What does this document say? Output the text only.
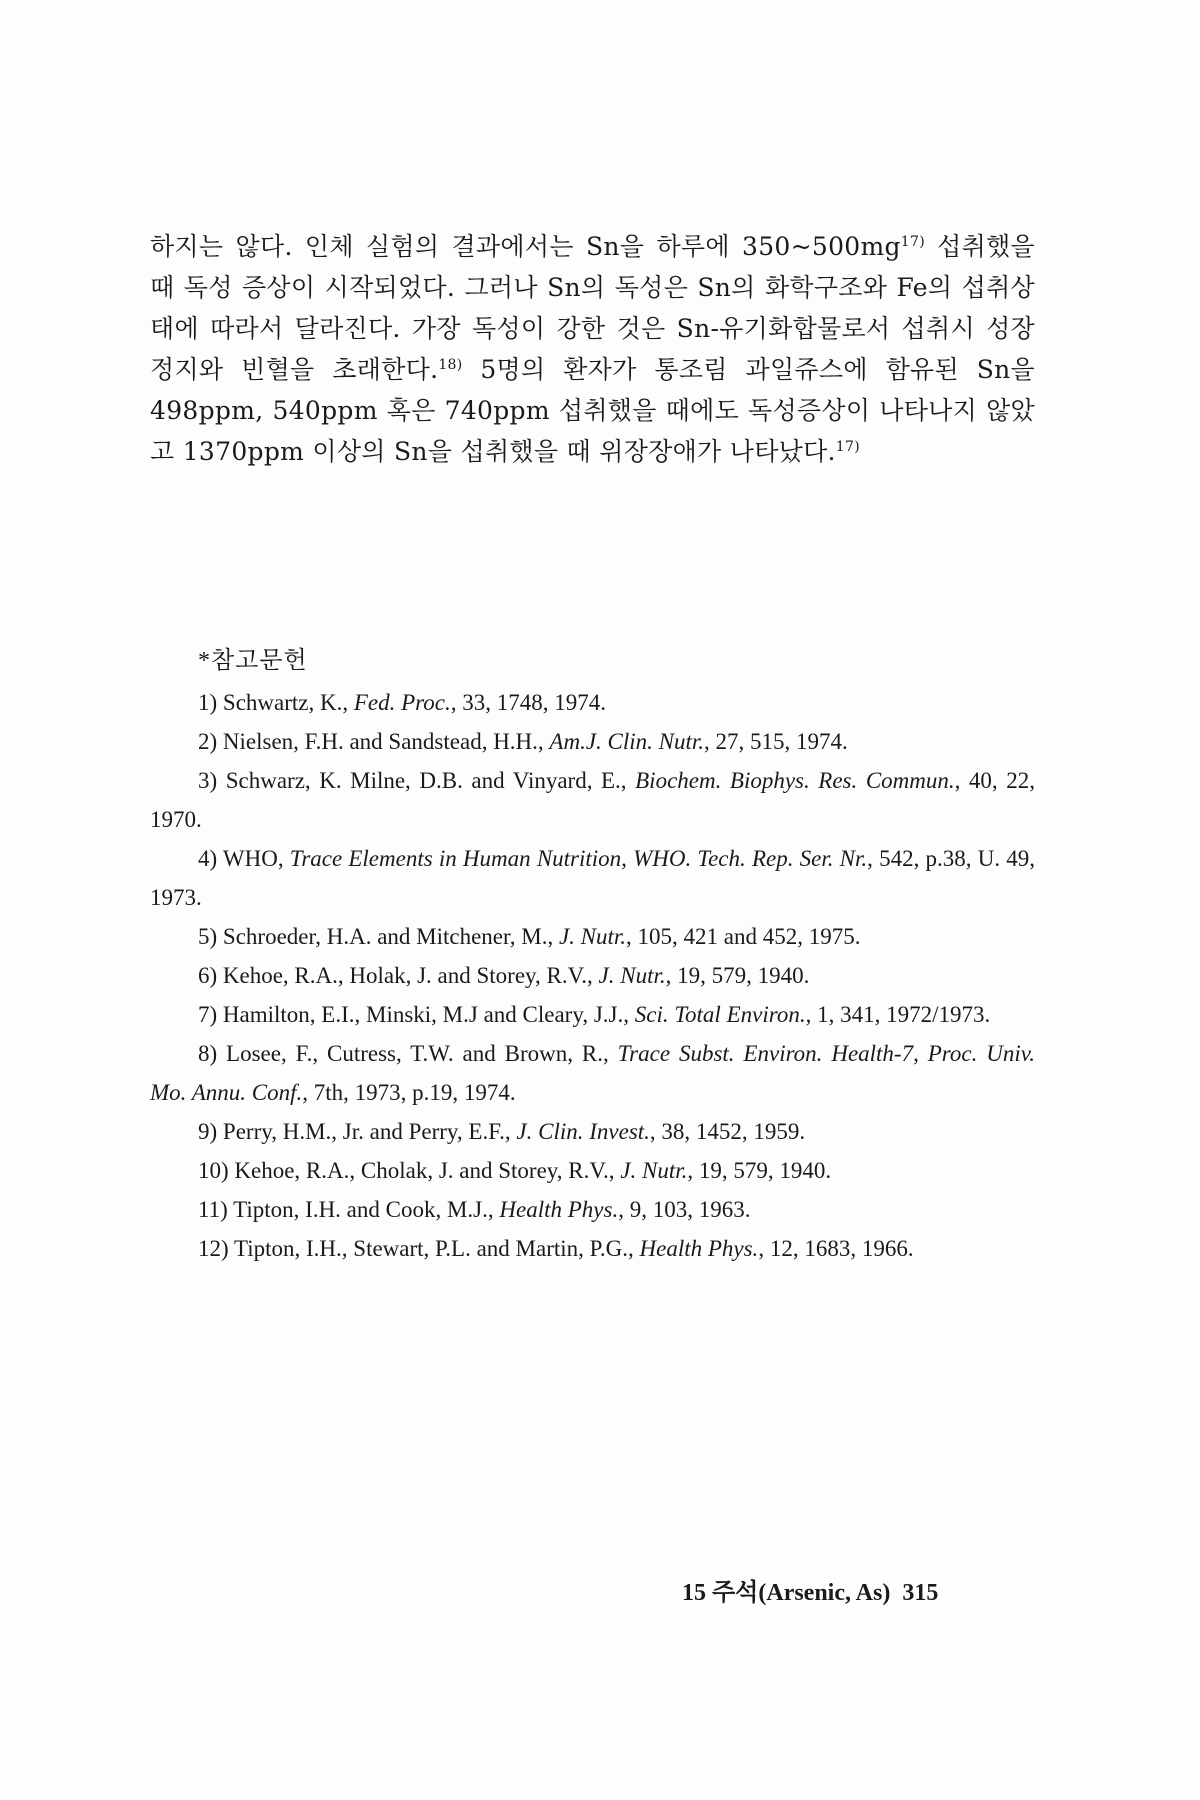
하지는 않다. 인체 실험의 결과에서는 Sn을 하루에 $350\sim 500mg^{17)}$ 섭취했을 때 독성 증상이 시작되었다. 그러나 Sn의 독성은 Sn의 화학구조와 Fe의 섭취상태에 따라서 달라진다. 가장 독성이 강한 것은 Sn-유기화합물로서 섭취시 성장 정지와 빈혈을 초래한다.$^{18)}$ 5명의 환자가 통조림 과일쥬스에 함유된 Sn을 498ppm, 540ppm 혹은 740ppm 섭취했을 때에도 독성증상이 나타나지 않았고 1370ppm 이상의 Sn을 섭취했을 때 위장장애가 나타났다.$^{17)}$
*참고문헌
1) Schwartz, K., Fed. Proc., 33, 1748, 1974.
2) Nielsen, F.H. and Sandstead, H.H., Am.J. Clin. Nutr., 27, 515, 1974.
3) Schwarz, K. Milne, D.B. and Vinyard, E., Biochem. Biophys. Res. Commun., 40, 22, 1970.
4) WHO, Trace Elements in Human Nutrition, WHO. Tech. Rep. Ser. Nr., 542, p.38, U. 49, 1973.
5) Schroeder, H.A. and Mitchener, M., J. Nutr., 105, 421 and 452, 1975.
6) Kehoe, R.A., Holak, J. and Storey, R.V., J. Nutr., 19, 579, 1940.
7) Hamilton, E.I., Minski, M.J and Cleary, J.J., Sci. Total Environ., 1, 341, 1972/1973.
8) Losee, F., Cutress, T.W. and Brown, R., Trace Subst. Environ. Health-7, Proc. Univ. Mo. Annu. Conf., 7th, 1973, p.19, 1974.
9) Perry, H.M., Jr. and Perry, E.F., J. Clin. Invest., 38, 1452, 1959.
10) Kehoe, R.A., Cholak, J. and Storey, R.V., J. Nutr., 19, 579, 1940.
11) Tipton, I.H. and Cook, M.J., Health Phys., 9, 103, 1963.
12) Tipton, I.H., Stewart, P.L. and Martin, P.G., Health Phys., 12, 1683, 1966.
15 주석(Arsenic, As) 315
